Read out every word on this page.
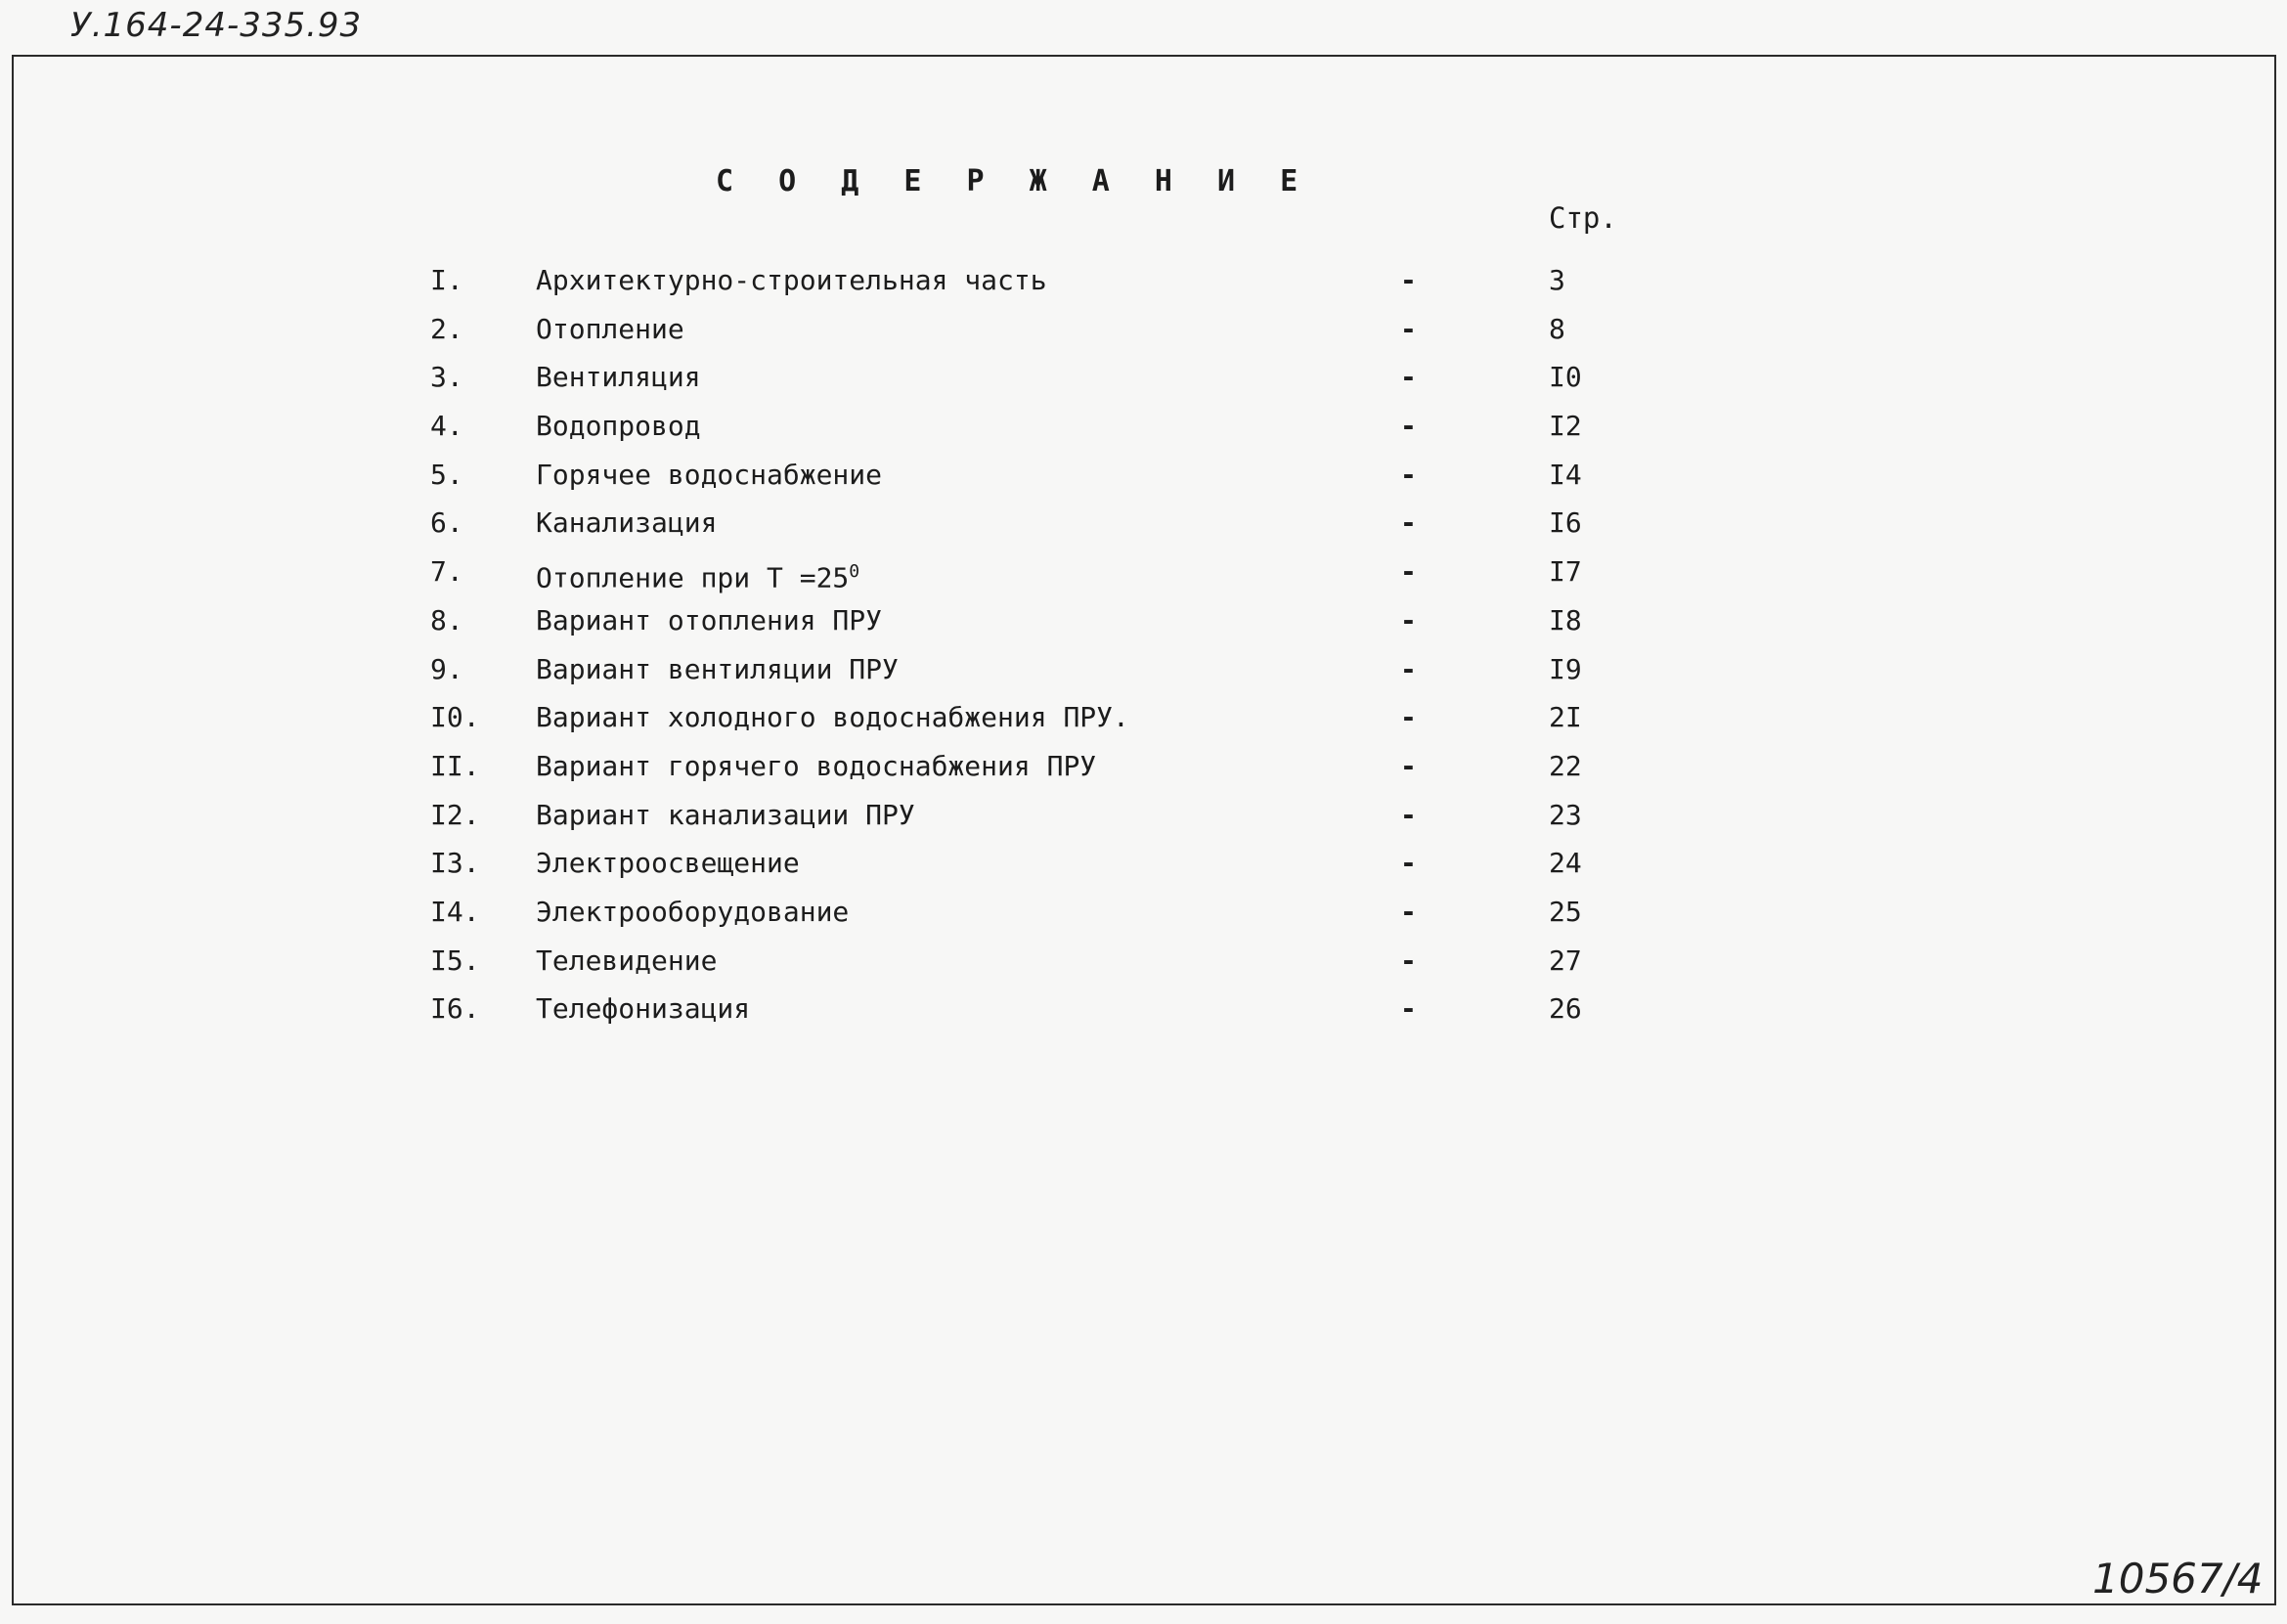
У.164-24-335.93
С О Д Е Р Ж А Н И Е
Стр.
I.	Архитектурно-строительная часть	-	3
2.	Отопление	-	8
3.	Вентиляция	-	I0
4.	Водопровод	-	I2
5.	Горячее водоснабжение	-	I4
6.	Канализация	-	I6
7.	Отопление при $Т =25^0$	-	I7
8.	Вариант отопления ПРУ	-	I8
9.	Вариант вентиляции ПРУ	-	I9
I0. Вариант холодного водоснабжения ПРУ.	-	2I
II. Вариант горячего водоснабжения ПРУ	-	22
I2. Вариант канализации ПРУ	-	23
I3. Электроосвещение	-	24
I4. Электрооборудование	-	25
I5. Телевидение	-	27
I6. Телефонизация	-	26
10567/4
